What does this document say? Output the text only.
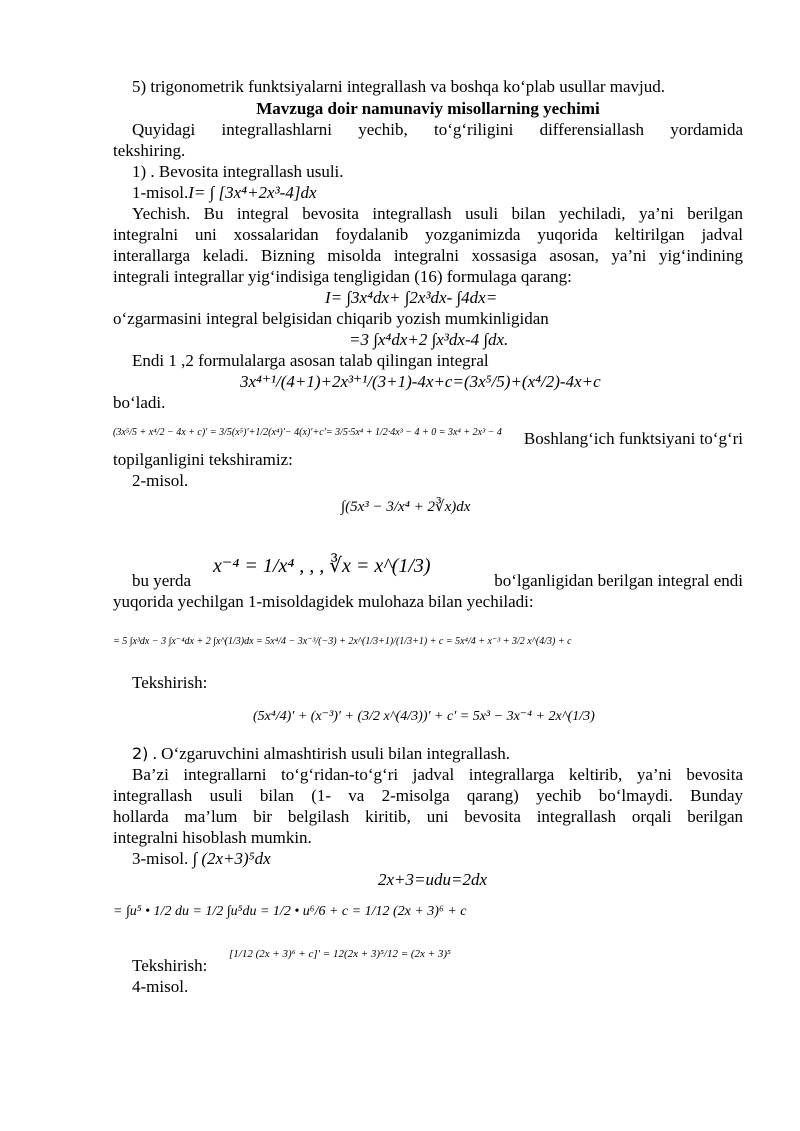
5) trigonometrik funktsiyalarni integrallash va boshqa ko‘plab usullar mavjud.

Mavzuga doir namunaviy misollarning yechimi

Quyidagi integrallashlarni yechib, to‘g‘riligini differensiallash yordamida

tekshiring.

1) . Bevosita integrallash usuli.

1-misol.I= ∫ [3x⁴+2x³-4]dx

Yechish. Bu integral bevosita integrallash usuli bilan yechiladi, ya’ni berilgan

integralni uni xossalaridan foydalanib yozganimizda yuqorida keltirilgan jadval

interallarga keladi. Bizning misolda integralni xossasiga asosan, ya’ni yig‘indining

integrali integrallar yig‘indisiga tengligidan (16) formulaga qarang:

I= ∫3x⁴dx+ ∫2x³dx- ∫4dx=

o‘zgarmasini integral belgisidan chiqarib yozish mumkinligidan

=3 ∫x⁴dx+2 ∫x³dx-4 ∫dx.

Endi 1 ,2 formulalarga asosan talab qilingan integral

3x⁴⁺¹/(4+1)+2x³⁺¹/(3+1)-4x+c=(3x⁵/5)+(x⁴/2)-4x+c

bo‘ladi.

(3x⁵/5 + x⁴/2 − 4x + c)′ = 3/5(x⁵)′+1/2(x⁴)′− 4(x)′+c′= 3/5·5x⁴ + 1/2·4x³ − 4 + 0 = 3x⁴ + 2x³ − 4	Boshlang‘ich funktsiyani to‘g‘ri

topilganligini tekshiramiz:

2-misol.

∫(5x³ − 3/x⁴ + 2∛x)dx
bu yerda
x⁻⁴ = 1/x⁴ , , , ∛x = x^(1/3)
bo‘lganligidan berilgan integral endi

yuqorida yechilgan 1-misoldagidek mulohaza bilan yechiladi:

= 5 ∫x³dx − 3 ∫x⁻⁴dx + 2 ∫x^(1/3)dx = 5x⁴/4 − 3x⁻³/(−3) + 2x^(1/3+1)/(1/3+1) + c = 5x⁴/4 + x⁻³ + 3/2 x^(4/3) + c

Tekshirish:

(5x⁴/4)′ + (x⁻³)′ + (3/2 x^(4/3))′ + c′ = 5x³ − 3x⁻⁴ + 2x^(1/3)

2) . O‘zgaruvchini almashtirish usuli bilan integrallash.

Ba’zi integrallarni to‘g‘ridan-to‘g‘ri jadval integrallarga keltirib, ya’ni bevosita

integrallash usuli bilan (1- va 2-misolga qarang) yechib bo‘lmaydi. Bunday

hollarda ma’lum bir belgilash kiritib, uni bevosita integrallash orqali berilgan

integralni hisoblash mumkin.

3-misol. ∫ (2x+3)⁵dx

2x+3=udu=2dx

= ∫u⁵ • 1/2 du = 1/2 ∫u⁵du = 1/2 • u⁶/6 + c = 1/12 (2x + 3)⁶ + c
Tekshirish:
[1/12 (2x + 3)⁶ + c]′ = 12(2x + 3)⁵/12 = (2x + 3)⁵

4-misol.
